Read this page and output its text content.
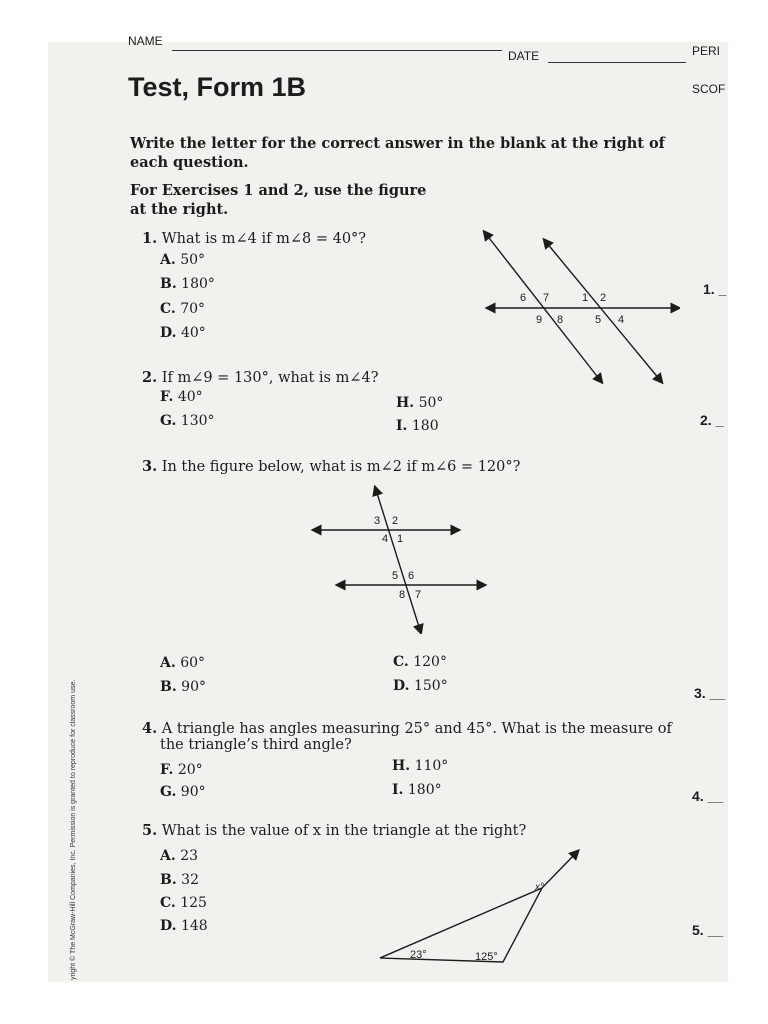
NAME
DATE	PERI
Test, Form 1B	SCOF
Write the letter for the correct answer in the blank at the right of each question.
For Exercises 1 and 2, use the figure at the right.
1. What is m∠4 if m∠8 = 40°?
A. 50°
B. 180°
C. 70°
D. 40°
1. _
6 7	1 2
9 8	5 4
2. If m∠9 = 130°, what is m∠4?
F. 40°
G. 130°
H. 50°
I. 180	2. _
3. In the figure below, what is m∠2 if m∠6 = 120°?
3 2
4 1
5 6
8 7
A. 60°
B. 90°
C. 120°
D. 150°	3. __
4. A triangle has angles measuring 25° and 45°. What is the measure of
the triangle’s third angle?
F. 20°
G. 90°
H. 110°
I. 180°	4. __
5. What is the value of x in the triangle at the right?
A. 23
B. 32
C. 125
D. 148	5. __
x°
23°	125°
yright © The McGraw-Hill Companies, Inc. Permission is granted to reproduce for classroom use.
